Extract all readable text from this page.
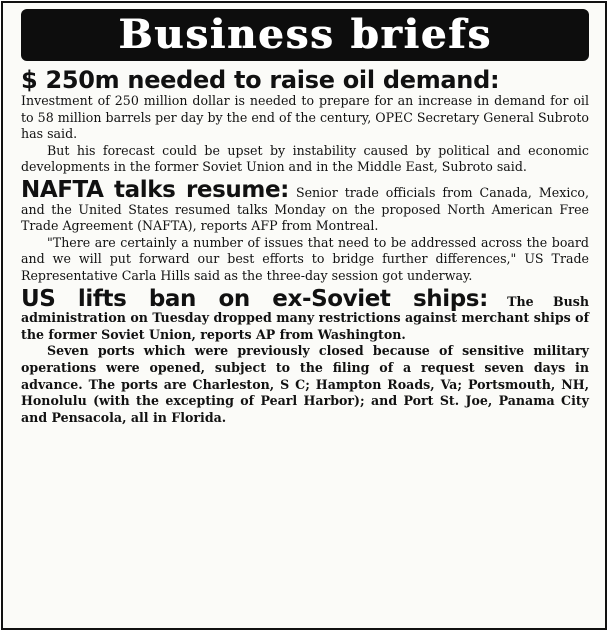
Business briefs
$ 250m needed to raise oil demand:

Investment of 250 million dollar is needed to prepare for an increase in demand for oil to 58 million barrels per day by the end of the century, OPEC Secretary General Subroto has said.

But his forecast could be upset by instability caused by political and economic developments in the former Soviet Union and in the Middle East, Subroto said.

NAFTA talks resume: Senior trade officials from Canada, Mexico, and the United States resumed talks Monday on the proposed North American Free Trade Agreement (NAFTA), reports AFP from Montreal.

"There are certainly a number of issues that need to be addressed across the board and we will put forward our best efforts to bridge further differences," US Trade Representative Carla Hills said as the three-day session got underway.

US lifts ban on ex-Soviet ships: The Bush administration on Tuesday dropped many restrictions against merchant ships of the former Soviet Union, reports AP from Washington.

Seven ports which were previously closed because of sensitive military operations were opened, subject to the filing of a request seven days in advance. The ports are Charleston, S C; Hampton Roads, Va; Portsmouth, NH, Honolulu (with the excepting of Pearl Harbor); and Port St. Joe, Panama City and Pensacola, all in Florida.
